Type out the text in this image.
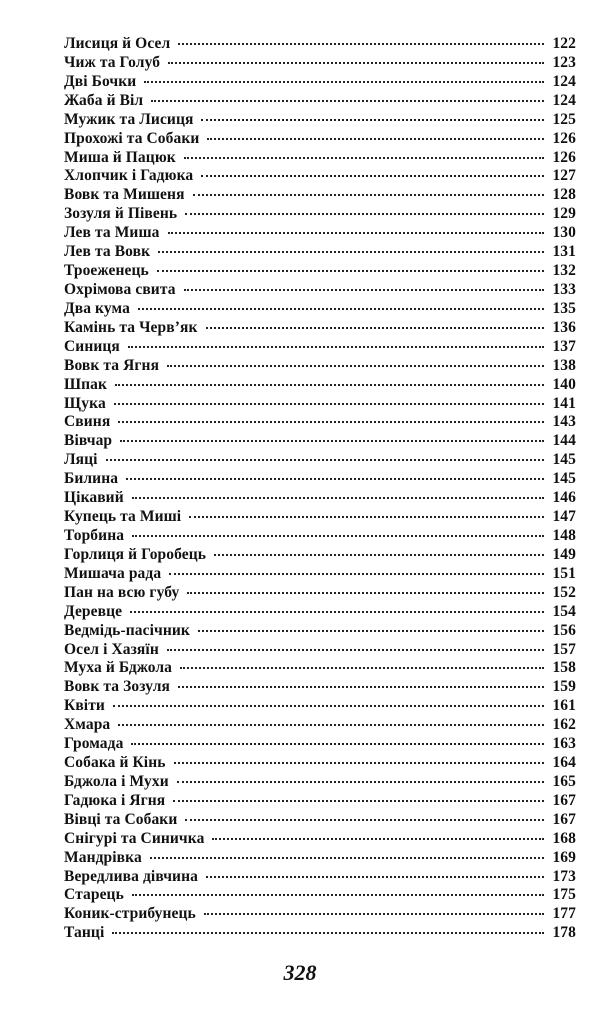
Лисиця й Осел	122
Чиж та Голуб	123
Дві Бочки	124
Жаба й Віл	124
Мужик та Лисиця	125
Прохожі та Собаки	126
Миша й Пацюк	126
Хлопчик і Гадюка	127
Вовк та Мишеня	128
Зозуля й Півень	129
Лев та Миша	130
Лев та Вовк	131
Троеженець	132
Охрімова свита	133
Два кума	135
Камінь та Черв’як	136
Синиця	137
Вовк та Ягня	138
Шпак	140
Щука	141
Свиня	143
Вівчар	144
Ляці	145
Билина	145
Цікавий	146
Купець та Миші	147
Торбина	148
Горлиця й Горобець	149
Мишача рада	151
Пан на всю губу	152
Деревце	154
Ведмідь-пасічник	156
Осел і Хазяїн	157
Муха й Бджола	158
Вовк та Зозуля	159
Квіти	161
Хмара	162
Громада	163
Собака й Кінь	164
Бджола і Мухи	165
Гадюка і Ягня	167
Вівці та Собаки	167
Снігурі та Синичка	168
Мандрівка	169
Вередлива дівчина	173
Старець	175
Коник-стрибунець	177
Танці	178
328
